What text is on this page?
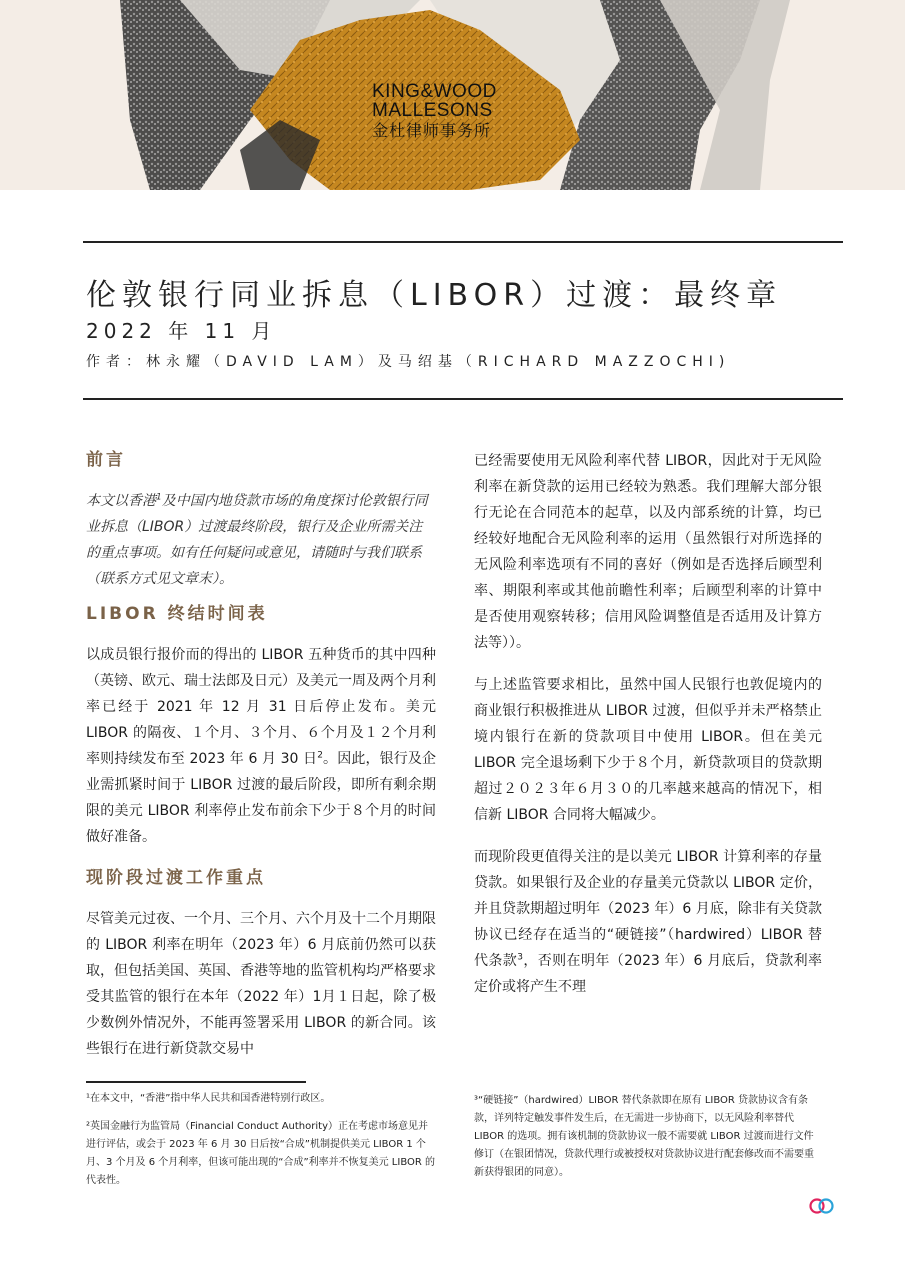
KING&WOOD
MALLESONS
金杜律师事务所
伦敦银行同业拆息（LIBOR）过渡：最终章
2022 年 11 月
作者：林永耀（DAVID LAM）及马绍基（RICHARD MAZZOCHI)
前言

本文以香港$^1$及中国内地贷款市场的角度探讨伦敦银行同业拆息（LIBOR）过渡最终阶段，银行及企业所需关注的重点事项。如有任何疑问或意见，请随时与我们联系（联系方式见文章末）。

LIBOR 终结时间表

以成员银行报价而的得出的 LIBOR 五种货币的其中四种（英镑、欧元、瑞士法郎及日元）及美元一周及两个月利率已经于 2021 年 12 月 31 日后停止发布。美元 LIBOR 的隔夜、１个月、３个月、６个月及１２个月利率则持续发布至 2023 年 6 月 30 日$^2$。因此，银行及企业需抓紧时间于 LIBOR 过渡的最后阶段，即所有剩余期限的美元 LIBOR 利率停止发布前余下少于８个月的时间做好准备。

现阶段过渡工作重点

尽管美元过夜、一个月、三个月、六个月及十二个月期限的 LIBOR 利率在明年（2023 年）6 月底前仍然可以获取，但包括美国、英国、香港等地的监管机构均严格要求受其监管的银行在本年（2022 年）1月１日起，除了极少数例外情况外，不能再签署采用 LIBOR 的新合同。该些银行在进行新贷款交易中

已经需要使用无风险利率代替 LIBOR，因此对于无风险利率在新贷款的运用已经较为熟悉。我们理解大部分银行无论在合同范本的起草，以及内部系统的计算，均已经较好地配合无风险利率的运用（虽然银行对所选择的无风险利率选项有不同的喜好（例如是否选择后顾型利率、期限利率或其他前瞻性利率；后顾型利率的计算中是否使用观察转移；信用风险调整值是否适用及计算方法等））。

与上述监管要求相比，虽然中国人民银行也敦促境内的商业银行积极推进从 LIBOR 过渡，但似乎并未严格禁止境内银行在新的贷款项目中使用 LIBOR。但在美元 LIBOR 完全退场剩下少于８个月，新贷款项目的贷款期超过２０２３年６月３０的几率越来越高的情况下，相信新 LIBOR 合同将大幅减少。

而现阶段更值得关注的是以美元 LIBOR 计算利率的存量贷款。如果银行及企业的存量美元贷款以 LIBOR 定价，并且贷款期超过明年（2023 年）6 月底，除非有关贷款协议已经存在适当的“硬链接”（hardwired）LIBOR 替代条款$^3$，否则在明年（2023 年）6 月底后，贷款利率定价或将产生不理

¹在本文中，“香港”指中华人民共和国香港特别行政区。

²英国金融行为监管局（Financial Conduct Authority）正在考虑市场意见并进行评估，或会于 2023 年 6 月 30 日后按“合成”机制提供美元 LIBOR 1 个月、3 个月及 6 个月利率，但该可能出现的“合成”利率并不恢复美元 LIBOR 的代表性。

³“硬链接”（hardwired）LIBOR 替代条款即在原有 LIBOR 贷款协议含有条款，详列特定触发事件发生后，在无需进一步协商下，以无风险利率替代 LIBOR 的选项。拥有该机制的贷款协议一般不需要就 LIBOR 过渡而进行文件修订（在银团情况，贷款代理行或被授权对贷款协议进行配套修改而不需要重新获得银团的同意）。
